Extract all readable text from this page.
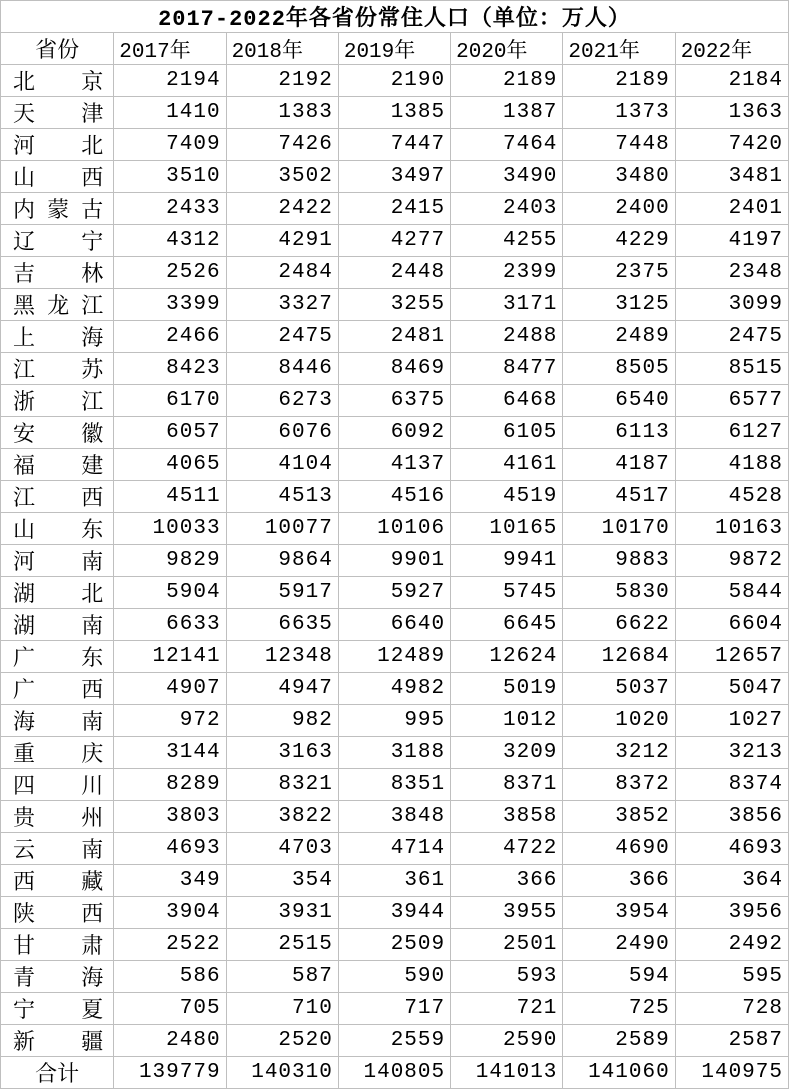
2017-2022年各省份常住人口（单位：万人）						
省份	2017年	2018年	2019年	2020年	2021年	2022年
北京	2194	2192	2190	2189	2189	2184
天津	1410	1383	1385	1387	1373	1363
河北	7409	7426	7447	7464	7448	7420
山西	3510	3502	3497	3490	3480	3481
内蒙古	2433	2422	2415	2403	2400	2401
辽宁	4312	4291	4277	4255	4229	4197
吉林	2526	2484	2448	2399	2375	2348
黑龙江	3399	3327	3255	3171	3125	3099
上海	2466	2475	2481	2488	2489	2475
江苏	8423	8446	8469	8477	8505	8515
浙江	6170	6273	6375	6468	6540	6577
安徽	6057	6076	6092	6105	6113	6127
福建	4065	4104	4137	4161	4187	4188
江西	4511	4513	4516	4519	4517	4528
山东	10033	10077	10106	10165	10170	10163
河南	9829	9864	9901	9941	9883	9872
湖北	5904	5917	5927	5745	5830	5844
湖南	6633	6635	6640	6645	6622	6604
广东	12141	12348	12489	12624	12684	12657
广西	4907	4947	4982	5019	5037	5047
海南	972	982	995	1012	1020	1027
重庆	3144	3163	3188	3209	3212	3213
四川	8289	8321	8351	8371	8372	8374
贵州	3803	3822	3848	3858	3852	3856
云南	4693	4703	4714	4722	4690	4693
西藏	349	354	361	366	366	364
陕西	3904	3931	3944	3955	3954	3956
甘肃	2522	2515	2509	2501	2490	2492
青海	586	587	590	593	594	595
宁夏	705	710	717	721	725	728
新疆	2480	2520	2559	2590	2589	2587
合计	139779	140310	140805	141013	141060	140975
